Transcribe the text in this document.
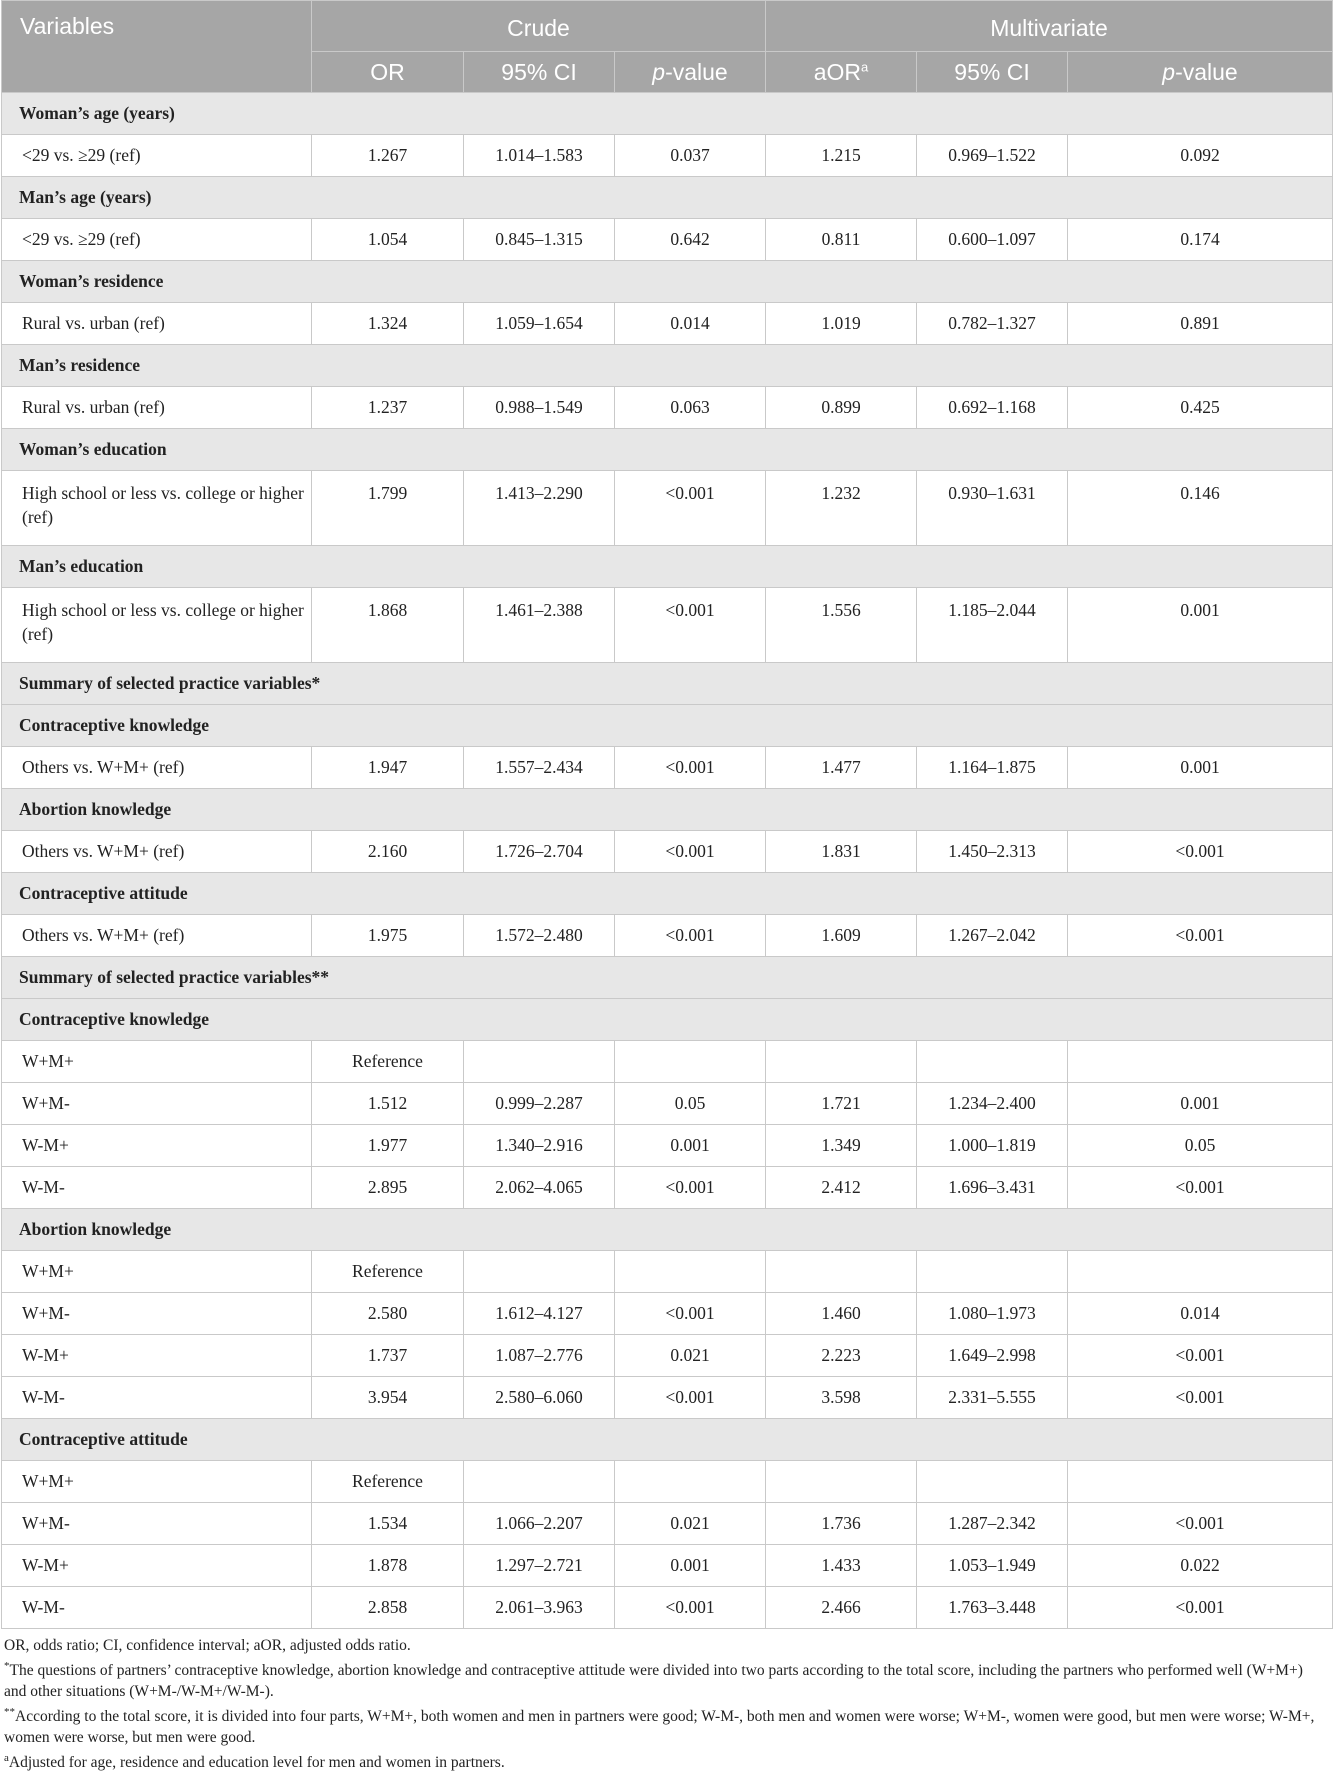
Variables	Crude			Multivariate		
	OR	95% CI	p-value	aOR$^a$	95% CI	p-value
Woman’s age (years)						
<29 vs. ≥29 (ref)	1.267	1.014–1.583	0.037	1.215	0.969–1.522	0.092
Man’s age (years)						
<29 vs. ≥29 (ref)	1.054	0.845–1.315	0.642	0.811	0.600–1.097	0.174
Woman’s residence						
Rural vs. urban (ref)	1.324	1.059–1.654	0.014	1.019	0.782–1.327	0.891
Man’s residence						
Rural vs. urban (ref)	1.237	0.988–1.549	0.063	0.899	0.692–1.168	0.425
Woman’s education						
High school or less vs. college or higher (ref)	1.799	1.413–2.290	<0.001	1.232	0.930–1.631	0.146
Man’s education						
High school or less vs. college or higher (ref)	1.868	1.461–2.388	<0.001	1.556	1.185–2.044	0.001
Summary of selected practice variables*						
Contraceptive knowledge						
Others vs. W+M+ (ref)	1.947	1.557–2.434	<0.001	1.477	1.164–1.875	0.001
Abortion knowledge						
Others vs. W+M+ (ref)	2.160	1.726–2.704	<0.001	1.831	1.450–2.313	<0.001
Contraceptive attitude						
Others vs. W+M+ (ref)	1.975	1.572–2.480	<0.001	1.609	1.267–2.042	<0.001
Summary of selected practice variables**						
Contraceptive knowledge						
W+M+	Reference					
W+M-	1.512	0.999–2.287	0.05	1.721	1.234–2.400	0.001
W-M+	1.977	1.340–2.916	0.001	1.349	1.000–1.819	0.05
W-M-	2.895	2.062–4.065	<0.001	2.412	1.696–3.431	<0.001
Abortion knowledge						
W+M+	Reference					
W+M-	2.580	1.612–4.127	<0.001	1.460	1.080–1.973	0.014
W-M+	1.737	1.087–2.776	0.021	2.223	1.649–2.998	<0.001
W-M-	3.954	2.580–6.060	<0.001	3.598	2.331–5.555	<0.001
Contraceptive attitude						
W+M+	Reference					
W+M-	1.534	1.066–2.207	0.021	1.736	1.287–2.342	<0.001
W-M+	1.878	1.297–2.721	0.001	1.433	1.053–1.949	0.022
W-M-	2.858	2.061–3.963	<0.001	2.466	1.763–3.448	<0.001

OR, odds ratio; CI, confidence interval; aOR, adjusted odds ratio.

*The questions of partners’ contraceptive knowledge, abortion knowledge and contraceptive attitude were divided into two parts according to the total score, including the partners who performed well (W+M+) and other situations (W+M-/W-M+/W-M-).

**According to the total score, it is divided into four parts, W+M+, both women and men in partners were good; W-M-, both men and women were worse; W+M-, women were good, but men were worse; W-M+, women were worse, but men were good.

$^a$Adjusted for age, residence and education level for men and women in partners.
